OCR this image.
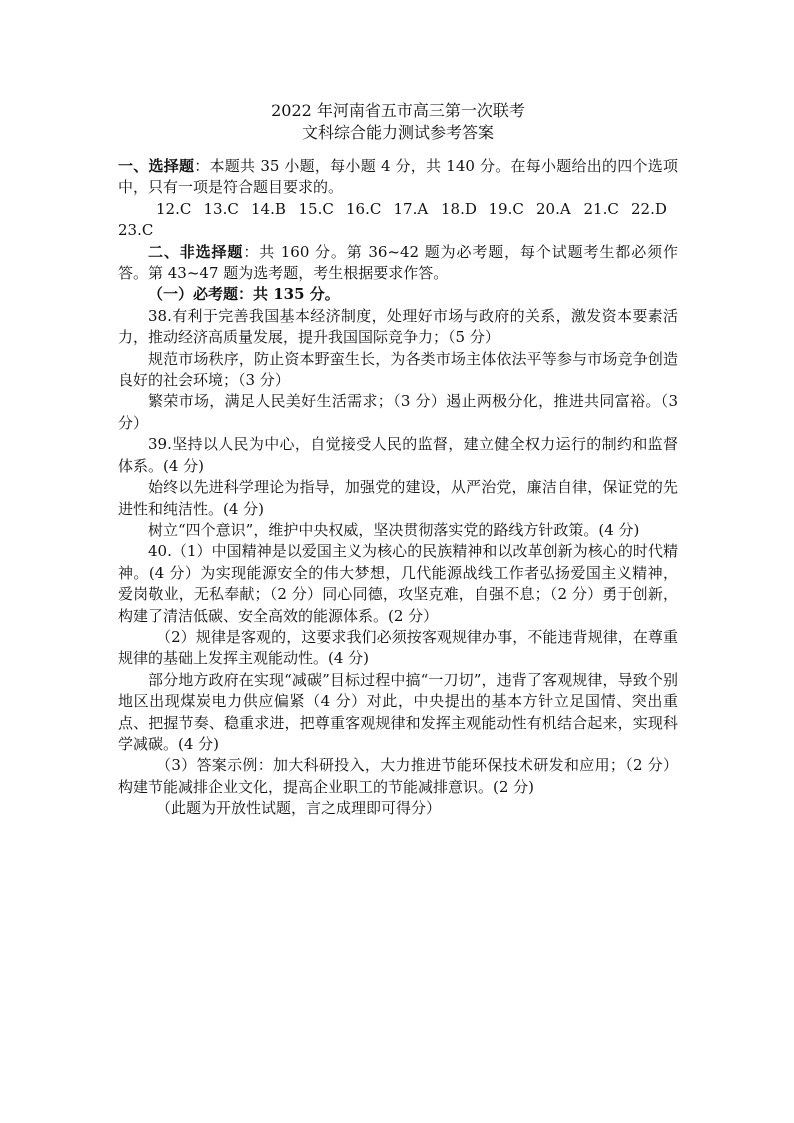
2022 年河南省五市高三第一次联考

文科综合能力测试参考答案

一、选择题：本题共 35 小题，每小题 4 分，共 140 分。在每小题给出的四个选项中，只有一项是符合题目要求的。

12.C 13.C 14.B 15.C 16.C 17.A 18.D 19.C 20.A 21.C 22.D
23.C

二、非选择题：共 160 分。第 36~42 题为必考题，每个试题考生都必须作答。第 43~47 题为选考题，考生根据要求作答。

（一）必考题：共 135 分。

38.有利于完善我国基本经济制度，处理好市场与政府的关系，激发资本要素活力，推动经济高质量发展，提升我国国际竞争力；（5 分）

规范市场秩序，防止资本野蛮生长，为各类市场主体依法平等参与市场竞争创造良好的社会环境；（3 分）

繁荣市场，满足人民美好生活需求；（3 分）遏止两极分化，推进共同富裕。（3 分）

39.坚持以人民为中心，自觉接受人民的监督，建立健全权力运行的制约和监督体系。(4 分)

始终以先进科学理论为指导，加强党的建设，从严治党，廉洁自律，保证党的先进性和纯洁性。(4 分)

树立“四个意识”，维护中央权威，坚决贯彻落实党的路线方针政策。(4 分)

40.（1）中国精神是以爱国主义为核心的民族精神和以改革创新为核心的时代精神。(4 分）为实现能源安全的伟大梦想，几代能源战线工作者弘扬爱国主义精神，爱岗敬业，无私奉献；（2 分）同心同德，攻坚克难，自强不息；（2 分）勇于创新，构建了清洁低碳、安全高效的能源体系。(2 分）

（2）规律是客观的，这要求我们必须按客观规律办事，不能违背规律，在尊重规律的基础上发挥主观能动性。(4 分)

部分地方政府在实现“减碳”目标过程中搞“一刀切”，违背了客观规律，导致个别地区出现煤炭电力供应偏紧（4 分）对此，中央提出的基本方针立足国情、突出重点、把握节奏、稳重求进，把尊重客观规律和发挥主观能动性有机结合起来，实现科学减碳。(4 分)

（3）答案示例：加大科研投入，大力推进节能环保技术研发和应用；（2 分）构建节能减排企业文化，提高企业职工的节能减排意识。(2 分)

（此题为开放性试题，言之成理即可得分）
